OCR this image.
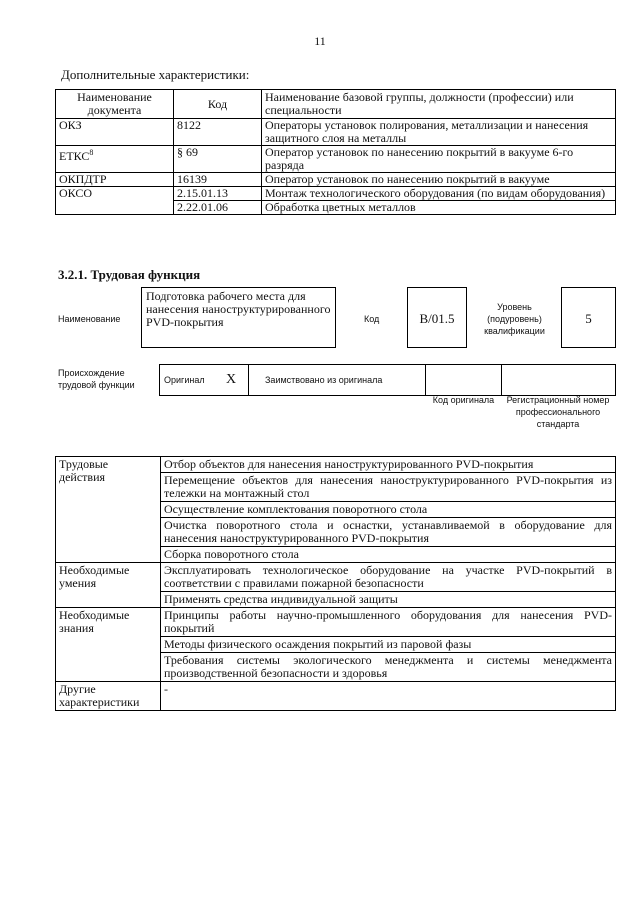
11
Дополнительные характеристики:
Наименование документа	Код	Наименование базовой группы, должности (профессии) или специальности
ОКЗ	8122	Операторы установок полирования, металлизации и нанесения защитного слоя на металлы
ЕТКС$^8$	§ 69	Оператор установок по нанесению покрытий в вакууме 6-го разряда
ОКПДТР	16139	Оператор установок по нанесению покрытий в вакууме
ОКСО	2.15.01.13	Монтаж технологического оборудования (по видам оборудования)
	2.22.01.06	Обработка цветных металлов
3.2.1. Трудовая функция
Наименование
Подготовка рабочего места для нанесения наноструктурированного PVD-покрытия	Код	B/01.5
Уровень (подуровень) квалификации
5
Происхождение трудовой функции	Оригинал X	Заимствовано из оригинала
Код оригинала	Регистрационный номер профессионального стандарта
Трудовые действия	Отбор объектов для нанесения наноструктурированного PVD-покрытия
	Перемещение объектов для нанесения наноструктурированного PVD-покрытия из тележки на монтажный стол
	Осуществление комплектования поворотного стола
	Очистка поворотного стола и оснастки, устанавливаемой в оборудование для нанесения наноструктурированного PVD-покрытия
	Сборка поворотного стола
Необходимые умения	Эксплуатировать технологическое оборудование на участке PVD-покрытий в соответствии с правилами пожарной безопасности
	Применять средства индивидуальной защиты
Необходимые знания	Принципы работы научно-промышленного оборудования для нанесения PVD-покрытий
	Методы физического осаждения покрытий из паровой фазы
	Требования системы экологического менеджмента и системы менеджмента производственной безопасности и здоровья
Другие характеристики	-
